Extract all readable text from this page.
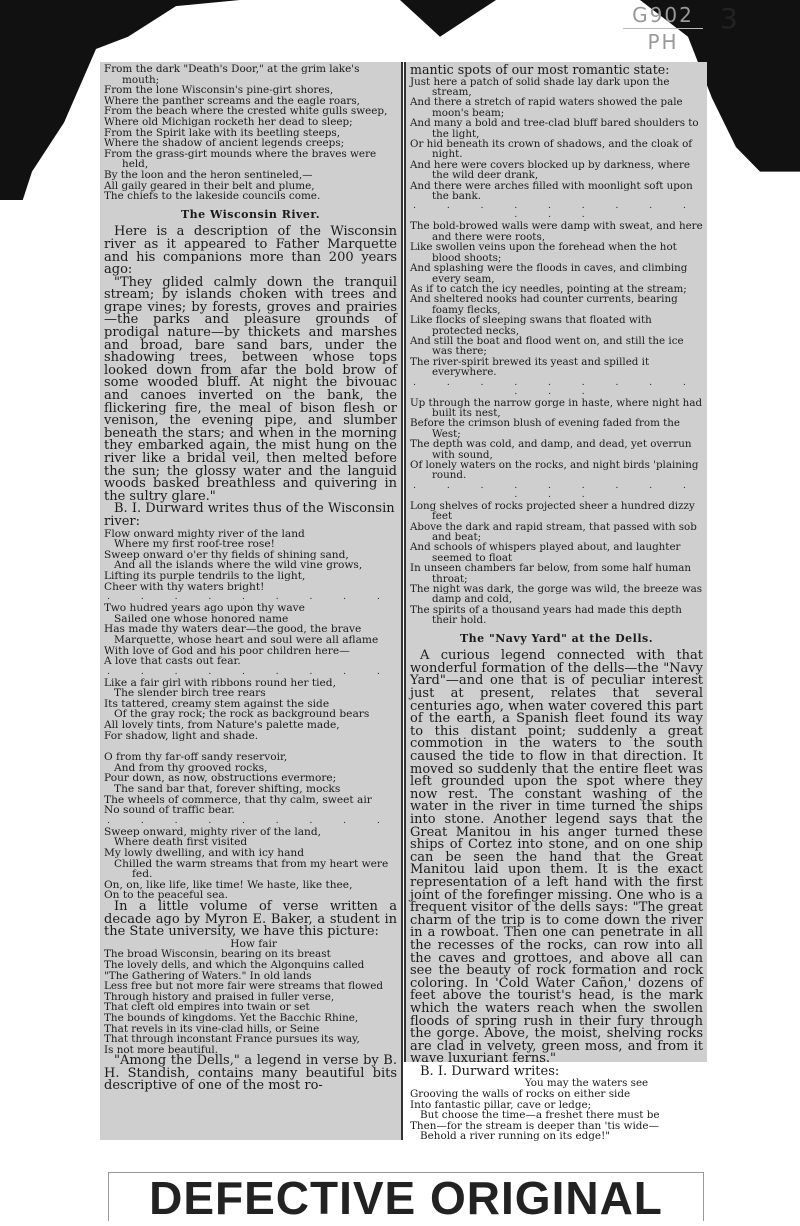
G902
PH
3

From the dark "Death's Door," at the grim lake's mouth;

From the lone Wisconsin's pine-girt shores,

Where the panther screams and the eagle roars,

From the beach where the crested white gulls sweep,

Where old Michigan rocketh her dead to sleep;

From the Spirit lake with its beetling steeps,

Where the shadow of ancient legends creeps;

From the grass-girt mounds where the braves were held,

By the loon and the heron sentineled,—

All gaily geared in their belt and plume,

The chiefs to the lakeside councils come.

The Wisconsin River.

Here is a description of the Wisconsin river as it appeared to Father Marquette and his companions more than 200 years ago:

"They glided calmly down the tranquil stream; by islands choken with trees and grape vines; by forests, groves and prairies—the parks and pleasure grounds of prodigal nature—by thickets and marshes and broad, bare sand bars, under the shadowing trees, between whose tops looked down from afar the bold brow of some wooded bluff. At night the bivouac and canoes inverted on the bank, the flickering fire, the meal of bison flesh or venison, the evening pipe, and slumber beneath the stars; and when in the morning they embarked again, the mist hung on the river like a bridal veil, then melted before the sun; the glossy water and the languid woods basked breathless and quivering in the sultry glare."

B. I. Durward writes thus of the Wisconsin river:

Flow onward mighty river of the land

Where my first roof-tree rose!

Sweep onward o'er thy fields of shining sand,

And all the islands where the wild vine grows,

Lifting its purple tendrils to the light,

Cheer with thy waters bright!

. . . . . . . . .

Two hudred years ago upon thy wave

Sailed one whose honored name

Has made thy waters dear—the good, the brave

Marquette, whose heart and soul were all aflame

With love of God and his poor children here—

A love that casts out fear.

. . . . . . . . .

Like a fair girl with ribbons round her tied,

The slender birch tree rears

Its tattered, creamy stem against the side

Of the gray rock; the rock as background bears

All lovely tints, from Nature's palette made,

For shadow, light and shade.

O from thy far-off sandy reservoir,

And from thy grooved rocks,

Pour down, as now, obstructions evermore;

The sand bar that, forever shifting, mocks

The wheels of commerce, that thy calm, sweet air

No sound of traffic bear.

. . . . . . . . .

Sweep onward, mighty river of the land,

Where death first visited

My lowly dwelling, and with icy hand

Chilled the warm streams that from my heart were fed.

On, on, like life, like time! We haste, like thee,

On to the peaceful sea.

In a little volume of verse written a decade ago by Myron E. Baker, a student in the State university, we have this picture:

How fair

The broad Wisconsin, bearing on its breast

The lovely dells, and which the Algonquins called

"The Gathering of Waters." In old lands

Less free but not more fair were streams that flowed

Through history and praised in fuller verse,

That cleft old empires into twain or set

The bounds of kingdoms. Yet the Bacchic Rhine,

That revels in its vine-clad hills, or Seine

That through inconstant France pursues its way,

Is not more beautiful.

"Among the Dells," a legend in verse by B. H. Standish, contains many beautiful bits descriptive of one of the most ro-

mantic spots of our most romantic state:

Just here a patch of solid shade lay dark upon the stream,

And there a stretch of rapid waters showed the pale moon's beam;

And many a bold and tree-clad bluff bared shoulders to the light,

Or hid beneath its crown of shadows, and the cloak of night.

And here were covers blocked up by darkness, where the wild deer drank,

And there were arches filled with moonlight soft upon the bank.

. . . . . . . . . . . .

The bold-browed walls were damp with sweat, and here and there were roots,

Like swollen veins upon the forehead when the hot blood shoots;

And splashing were the floods in caves, and climbing every seam,

As if to catch the icy needles, pointing at the stream;

And sheltered nooks had counter currents, bearing foamy flecks,

Like flocks of sleeping swans that floated with protected necks,

And still the boat and flood went on, and still the ice was there;

The river-spirit brewed its yeast and spilled it everywhere.

. . . . . . . . . . . .

Up through the narrow gorge in haste, where night had built its nest,

Before the crimson blush of evening faded from the West;

The depth was cold, and damp, and dead, yet overrun with sound,

Of lonely waters on the rocks, and night birds 'plaining round.

. . . . . . . . . . . .

Long shelves of rocks projected sheer a hundred dizzy feet

Above the dark and rapid stream, that passed with sob and beat;

And schools of whispers played about, and laughter seemed to float

In unseen chambers far below, from some half human throat;

The night was dark, the gorge was wild, the breeze was damp and cold,

The spirits of a thousand years had made this depth their hold.

The "Navy Yard" at the Dells.

A curious legend connected with that wonderful formation of the dells—the "Navy Yard"—and one that is of peculiar interest just at present, relates that several centuries ago, when water covered this part of the earth, a Spanish fleet found its way to this distant point; suddenly a great commotion in the waters to the south caused the tide to flow in that direction. It moved so suddenly that the entire fleet was left grounded upon the spot where they now rest. The constant washing of the water in the river in time turned the ships into stone. Another legend says that the Great Manitou in his anger turned these ships of Cortez into stone, and on one ship can be seen the hand that the Great Manitou laid upon them. It is the exact representation of a left hand with the first joint of the forefinger missing. One who is a frequent visitor of the dells says: "The great charm of the trip is to come down the river in a rowboat. Then one can penetrate in all the recesses of the rocks, can row into all the caves and grottoes, and above all can see the beauty of rock formation and rock coloring. In 'Cold Water Cañon,' dozens of feet above the tourist's head, is the mark which the waters reach when the swollen floods of spring rush in their fury through the gorge. Above, the moist, shelving rocks are clad in velvety, green moss, and from it wave luxuriant ferns."

B. I. Durward writes:

You may the waters see

Grooving the walls of rocks on either side

Into fantastic pillar, cave or ledge;

But choose the time—a freshet there must be

Then—for the stream is deeper than 'tis wide—

Behold a river running on its edge!"

DEFECTIVE ORIGINAL
